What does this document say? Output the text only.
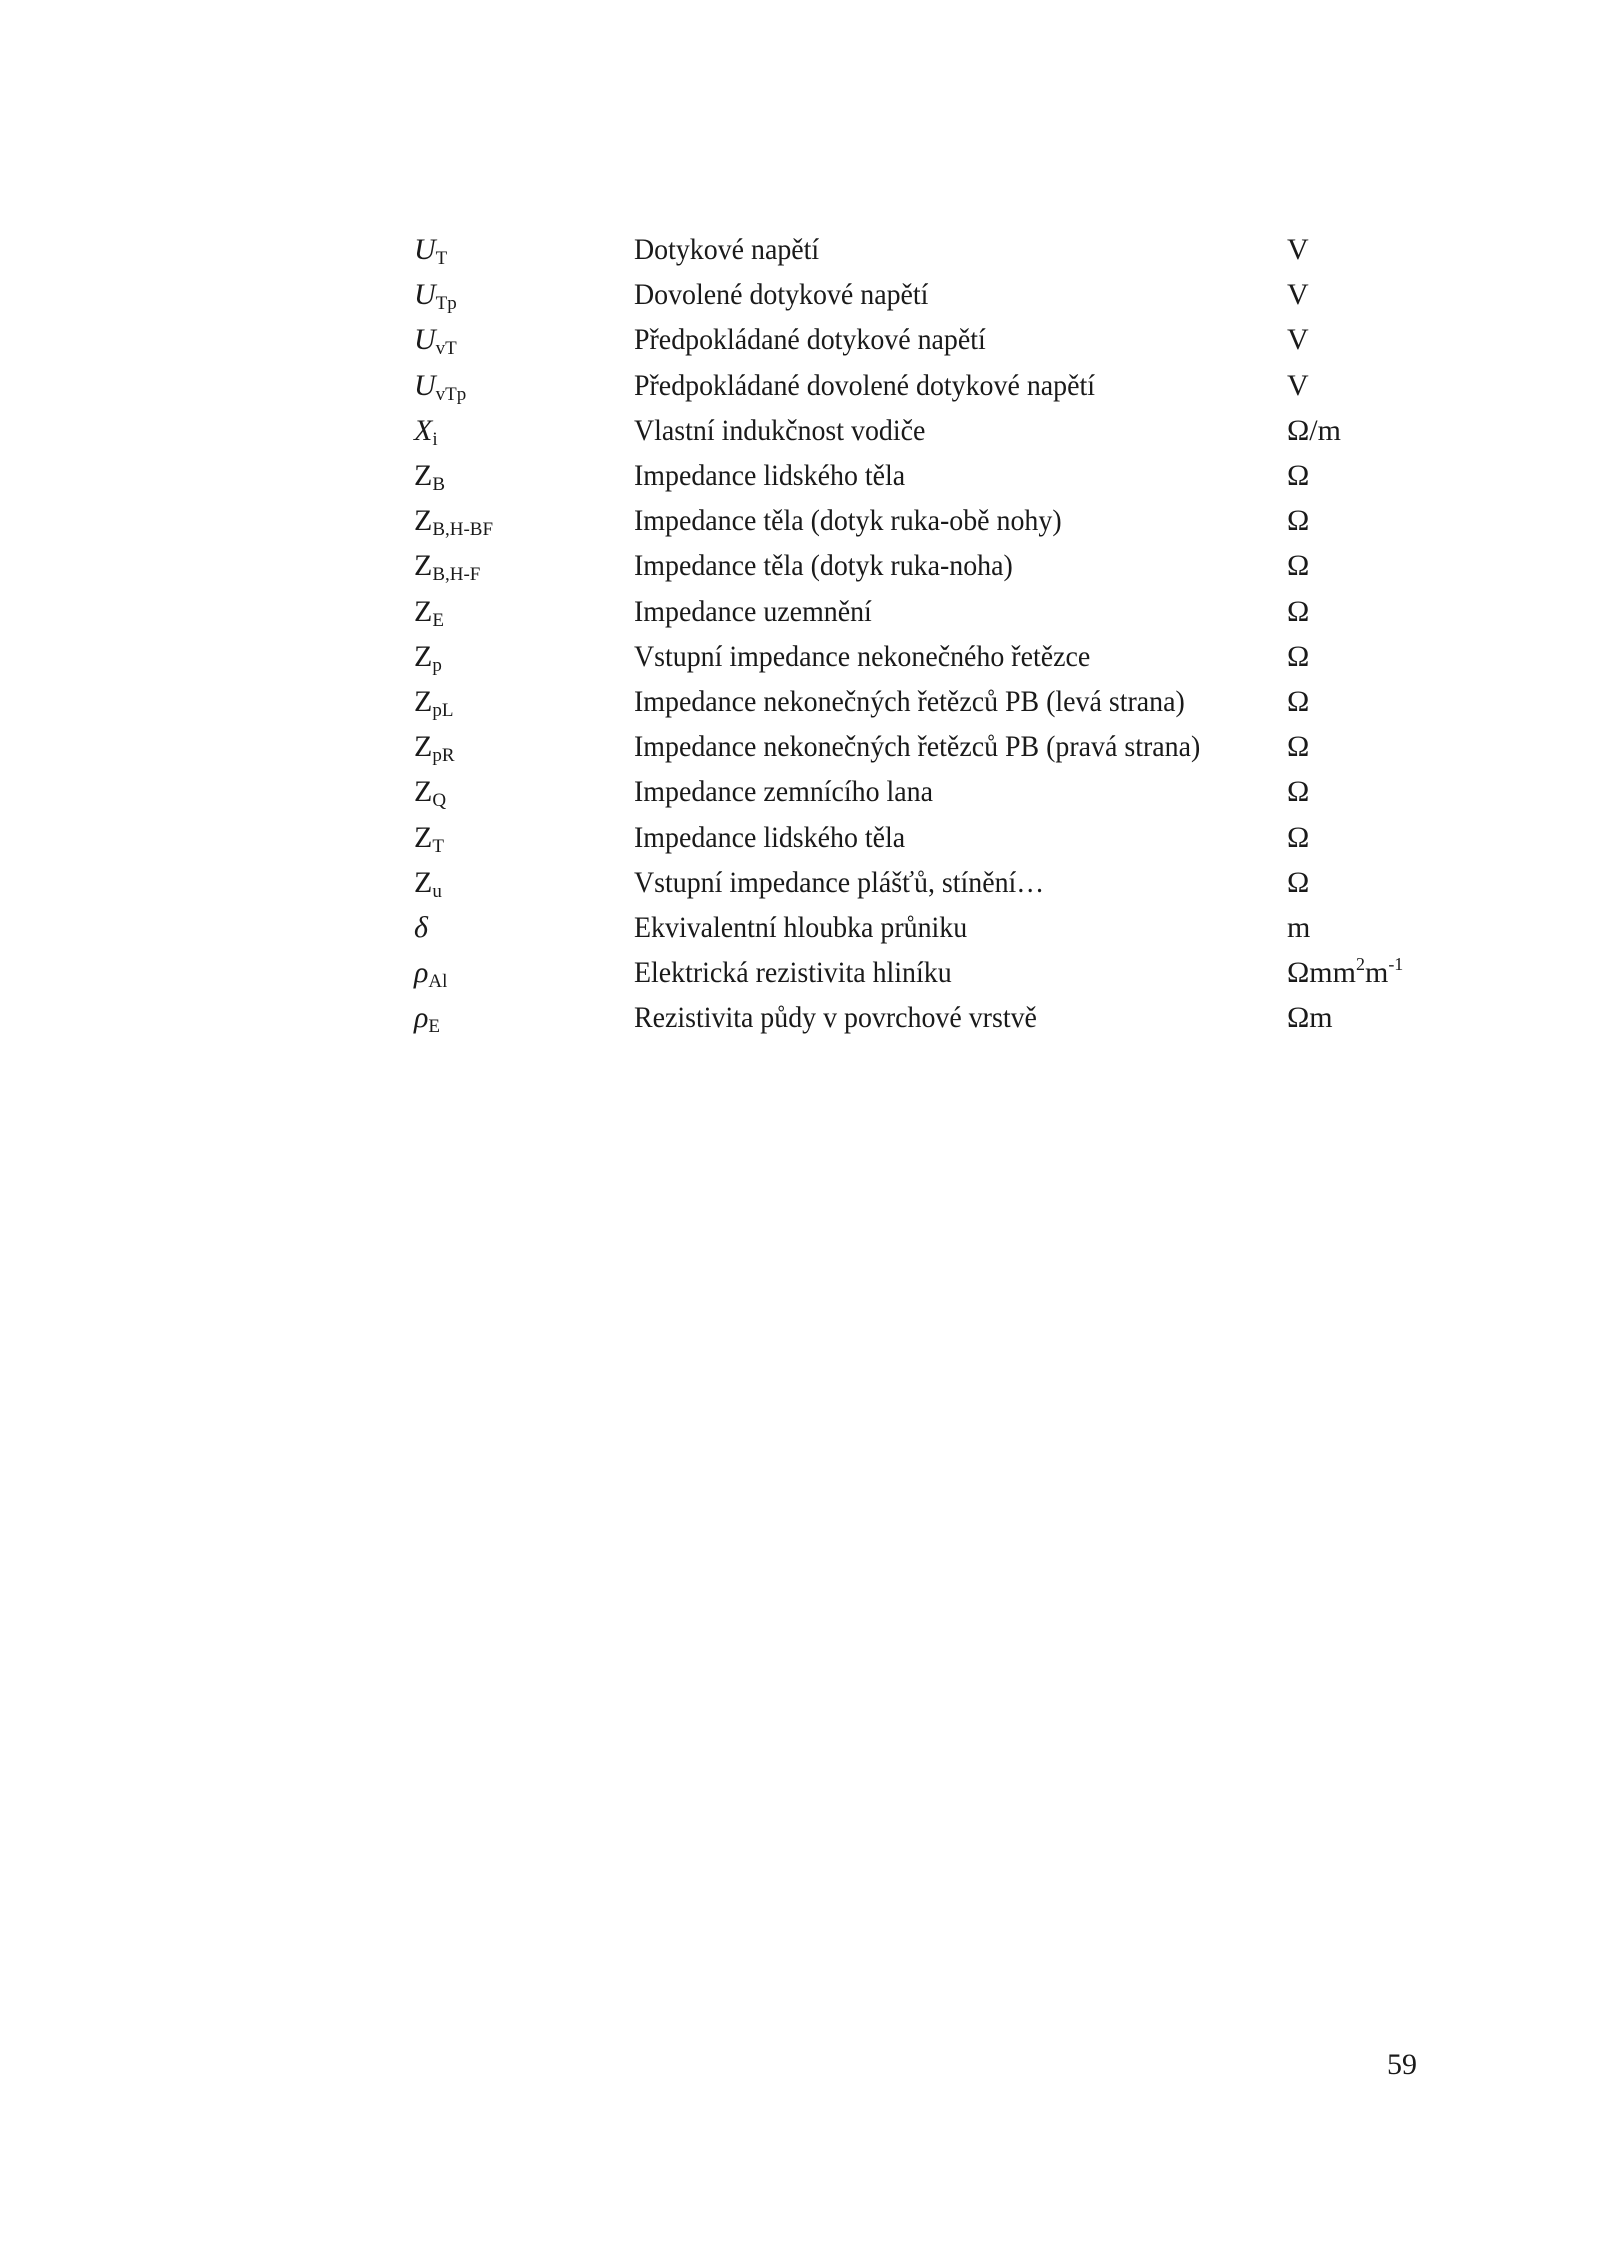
$U_T$	Dotykové napětí	V
$U_{Tp}$	Dovolené dotykové napětí	V
$U_{vT}$	Předpokládané dotykové napětí	V
$U_{vTp}$	Předpokládané dovolené dotykové napětí	V
$X_i$	Vlastní indukčnost vodiče	Ω/m
$Z_B$	Impedance lidského těla	Ω
$Z_{B,H-BF}$	Impedance těla (dotyk ruka-obě nohy)	Ω
$Z_{B,H-F}$	Impedance těla (dotyk ruka-noha)	Ω
$Z_E$	Impedance uzemnění	Ω
$Z_p$	Vstupní impedance nekonečného řetězce	Ω
$Z_{pL}$	Impedance nekonečných řetězců PB (levá strana)	Ω
$Z_{pR}$	Impedance nekonečných řetězců PB (pravá strana)	Ω
$Z_Q$	Impedance zemnícího lana	Ω
$Z_T$	Impedance lidského těla	Ω
$Z_u$	Vstupní impedance plášťů, stínění…	Ω
δ	Ekvivalentní hloubka průniku	m
$\rho_{Al}$	Elektrická rezistivita hliníku	$\Omega mm^2m^{-1}$
$\rho_E$	Rezistivita půdy v povrchové vrstvě	Ωm
59
